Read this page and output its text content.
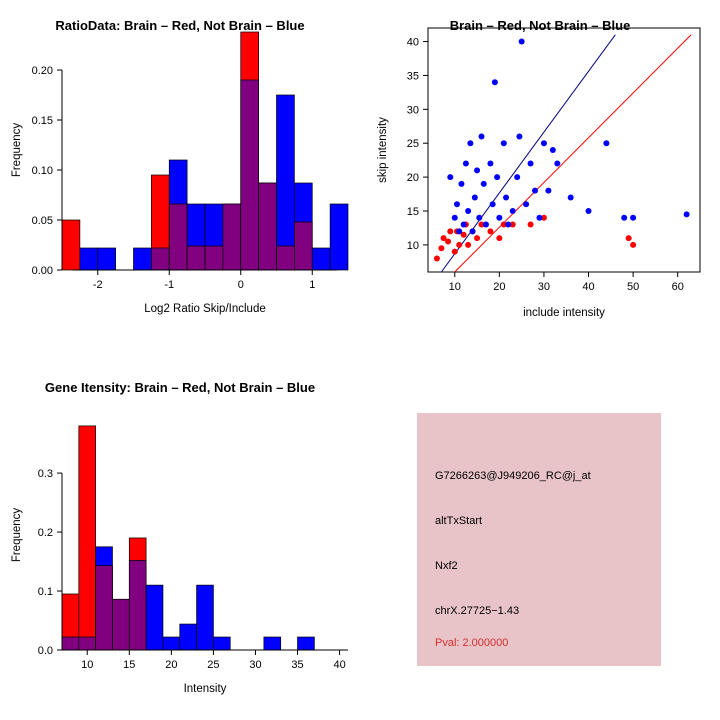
RatioData: Brain – Red, Not Brain – Blue
-2	-1	0	1
0.00
0.05
0.10
0.15
0.20
Log2 Ratio Skip/Include
Frequency
Brain – Red, Not Brain – Blue
10	20	30	40	50	60
10
15
20
25
30
35
40
include intensity
skip intensity
Gene Itensity: Brain – Red, Not Brain – Blue
10	15	20	25	30	35	40
0.0
0.1
0.2
0.3
Intensity
Frequency
G7266263@J949206_RC@j_at
altTxStart
Nxf2
chrX.27725−1.43
Pval: 2.000000
